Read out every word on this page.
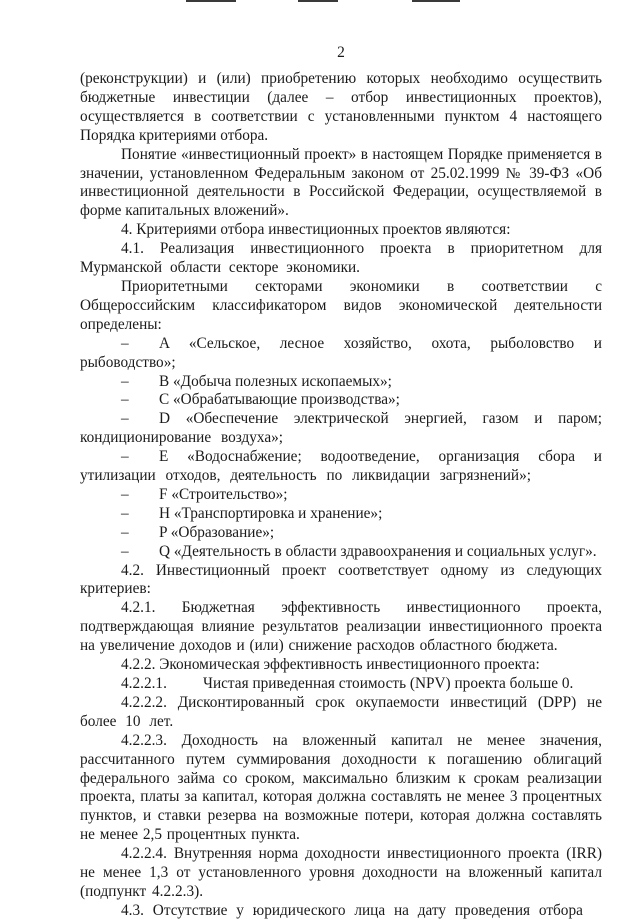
2

(реконструкции) и (или) приобретению которых необходимо осуществить бюджетные инвестиции (далее – отбор инвестиционных проектов), осуществляется в соответствии с установленными пунктом 4 настоящего Порядка критериями отбора.

Понятие «инвестиционный проект» в настоящем Порядке применяется в значении, установленном Федеральным законом от 25.02.1999 № 39-ФЗ «Об инвестиционной деятельности в Российской Федерации, осуществляемой в форме капитальных вложений».

4. Критериями отбора инвестиционных проектов являются:

4.1. Реализация инвестиционного проекта в приоритетном для Мурманской области секторе экономики.

Приоритетными секторами экономики в соответствии с Общероссийским классификатором видов экономической деятельности определены:

– A «Сельское, лесное хозяйство, охота, рыболовство и рыбоводство»;

– B «Добыча полезных ископаемых»;

– C «Обрабатывающие производства»;

– D «Обеспечение электрической энергией, газом и паром; кондиционирование воздуха»;

– E «Водоснабжение; водоотведение, организация сбора и утилизации отходов, деятельность по ликвидации загрязнений»;

– F «Строительство»;

– H «Транспортировка и хранение»;

– P «Образование»;

– Q «Деятельность в области здравоохранения и социальных услуг».

4.2. Инвестиционный проект соответствует одному из следующих критериев:

4.2.1. Бюджетная эффективность инвестиционного проекта, подтверждающая влияние результатов реализации инвестиционного проекта на увеличение доходов и (или) снижение расходов областного бюджета.

4.2.2. Экономическая эффективность инвестиционного проекта:

4.2.2.1.	Чистая приведенная стоимость (NPV) проекта больше 0.

4.2.2.2. Дисконтированный срок окупаемости инвестиций (DPP) не более 10 лет.

4.2.2.3. Доходность на вложенный капитал не менее значения, рассчитанного путем суммирования доходности к погашению облигаций федерального займа со сроком, максимально близким к срокам реализации проекта, платы за капитал, которая должна составлять не менее 3 процентных пунктов, и ставки резерва на возможные потери, которая должна составлять не менее 2,5 процентных пункта.

4.2.2.4. Внутренняя норма доходности инвестиционного проекта (IRR) не менее 1,3 от установленного уровня доходности на вложенный капитал (подпункт 4.2.2.3).

4.3. Отсутствие у юридического лица на дату проведения отбора
